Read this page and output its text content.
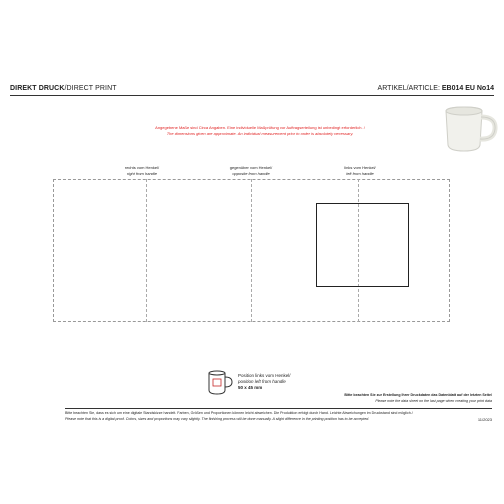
DIREKT DRUCK/DIRECT PRINT	ARTIKEL/ARTICLE: EB014 EU No14
Angegebene Maße sind Circa Angaben. Eine individuelle Maßprüfung vor Auftragserteilung ist unbedingt erforderlich. /
The dimensions given are approximate. An individual measurement prior to order is absolutely necessary.
rechts vom Henkel/
right from handle
gegenüber vom Henkel/
opposite from handle
links vom Henkel/
left from handle
Position links vom Henkel/
position left from handle
50 x 45 mm
Bitte beachten Sie zur Erstellung Ihrer Druckdaten das Datenblatt auf der letzten Seite/
Please note the data sheet on the last page when creating your print data
Bitte beachten Sie, dass es sich um eine digitale Standskizze handelt. Farben, Größen und Proportionen können leicht abweichen. Die Produktion erfolgt durch Hand. Leichte Abweichungen im Druckstand sind möglich./
Please note that this is a digital proof. Colors, sizes and proportions may vary slightly. The finishing process will be done manually. A slight difference in the printing position has to be accepted.	11/2023
